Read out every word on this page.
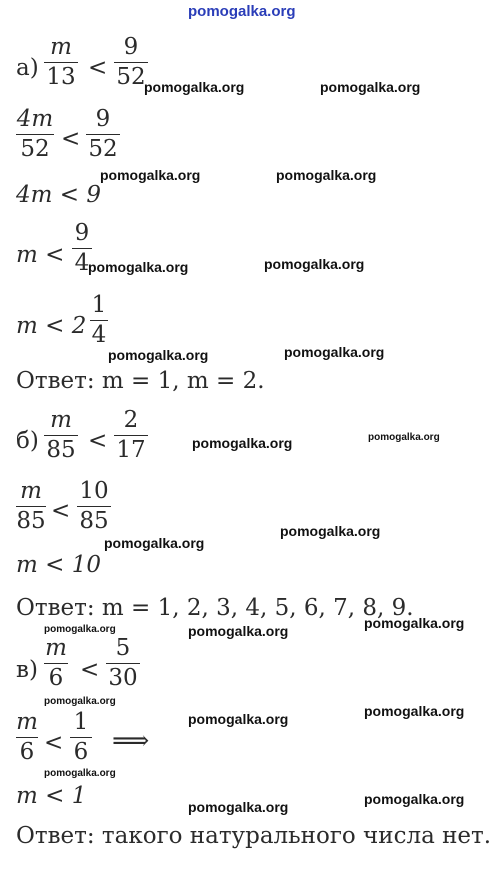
pomogalka.org
а)
m
13 <
9
52
4m
52 <
9
52
4m < 9
m <
9
4
m < 2
1
4
Ответ: m = 1, m = 2.
б)
m
85 <
2
17
m
85 <
10
85
m < 10
Ответ: m = 1, 2, 3, 4, 5, 6, 7, 8, 9.
в)
m
6 <
5
30
m
6 <
1
6 ⟹
m < 1
Ответ: такого натурального числа нет.
pomogalka.org	pomogalka.org
pomogalka.org	pomogalka.org
pomogalka.org	pomogalka.org
pomogalka.org	pomogalka.org
pomogalka.org	pomogalka.org
pomogalka.org
pomogalka.org
pomogalka.org	pomogalka.org	pomogalka.org
pomogalka.org
pomogalka.org	pomogalka.org
pomogalka.org
pomogalka.org	pomogalka.org
